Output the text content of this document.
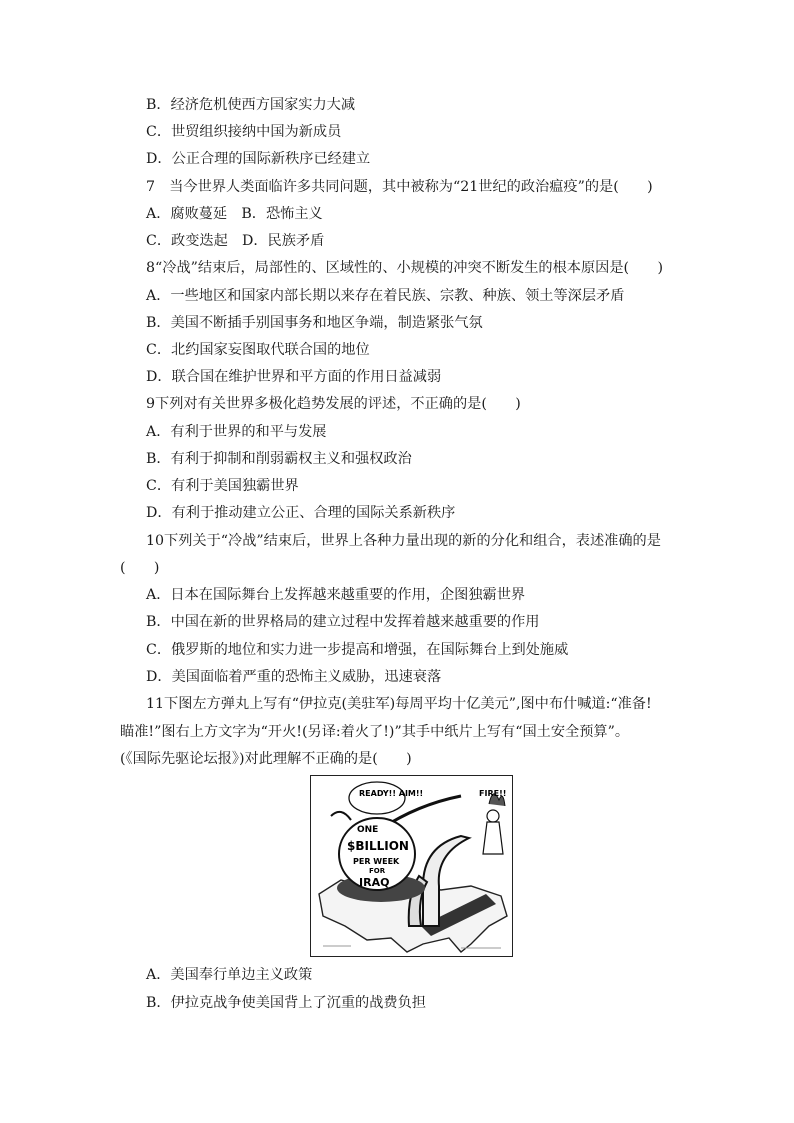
B．经济危机使西方国家实力大减
C．世贸组织接纳中国为新成员
D．公正合理的国际新秩序已经建立
7　当今世界人类面临许多共同问题，其中被称为“21世纪的政治瘟疫”的是(　　)
A．腐败蔓延　B．恐怖主义
C．政变迭起　D．民族矛盾
8“冷战”结束后，局部性的、区域性的、小规模的冲突不断发生的根本原因是(　　)
A．一些地区和国家内部长期以来存在着民族、宗教、种族、领土等深层矛盾
B．美国不断插手别国事务和地区争端，制造紧张气氛
C．北约国家妄图取代联合国的地位
D．联合国在维护世界和平方面的作用日益减弱
9下列对有关世界多极化趋势发展的评述，不正确的是(　　)
A．有利于世界的和平与发展
B．有利于抑制和削弱霸权主义和强权政治
C．有利于美国独霸世界
D．有利于推动建立公正、合理的国际关系新秩序
10下列关于“冷战”结束后，世界上各种力量出现的新的分化和组合，表述准确的是
(　　)
A．日本在国际舞台上发挥越来越重要的作用，企图独霸世界
B．中国在新的世界格局的建立过程中发挥着越来越重要的作用
C．俄罗斯的地位和实力进一步提高和增强，在国际舞台上到处施威
D．美国面临着严重的恐怖主义威胁，迅速衰落
11下图左方弹丸上写有“伊拉克(美驻军)每周平均十亿美元”,图中布什喊道:“准备!
瞄准!”图右上方文字为“开火!(另译:着火了!)”其手中纸片上写有“国土安全预算”。
(《国际先驱论坛报》)对此理解不正确的是(　　)
ONE
$BILLION
PER WEEK
FOR
IRAQ
READY!! AIM!!	FIRE!!
A．美国奉行单边主义政策
B．伊拉克战争使美国背上了沉重的战费负担
